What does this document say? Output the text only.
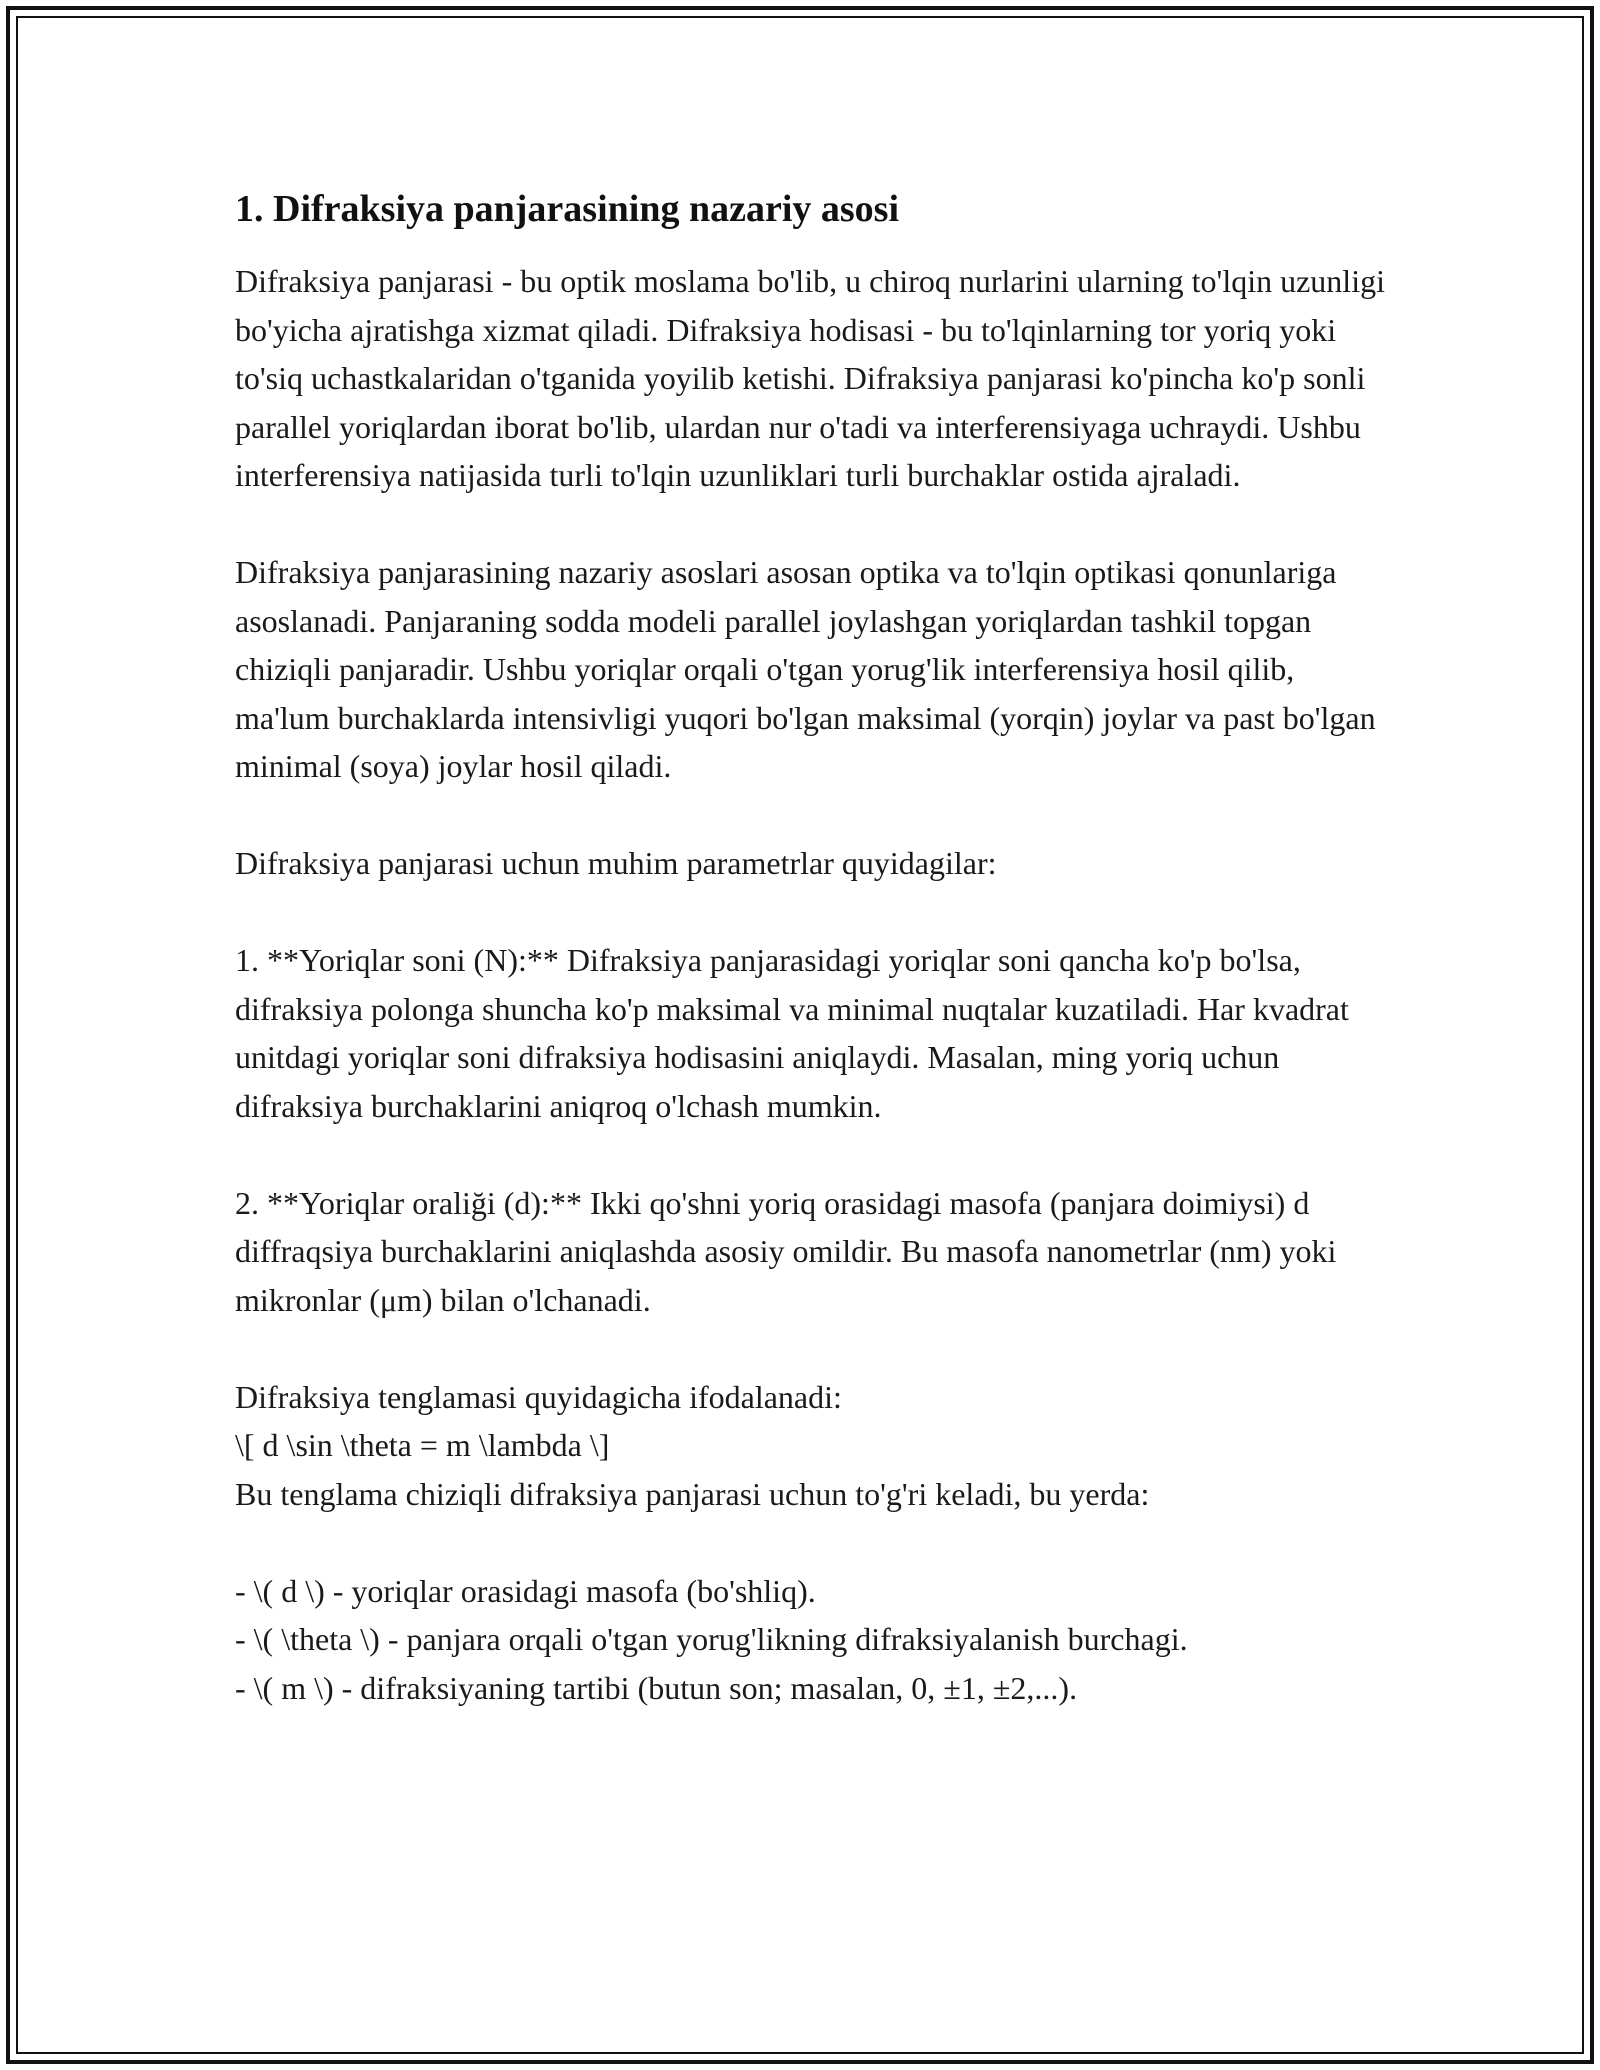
1. Difraksiya panjarasining nazariy asosi

Difraksiya panjarasi - bu optik moslama bo'lib, u chiroq nurlarini ularning to'lqin uzunligi bo'yicha ajratishga xizmat qiladi. Difraksiya hodisasi - bu to'lqinlarning tor yoriq yoki to'siq uchastkalaridan o'tganida yoyilib ketishi. Difraksiya panjarasi ko'pincha ko'p sonli parallel yoriqlardan iborat bo'lib, ulardan nur o'tadi va interferensiyaga uchraydi. Ushbu interferensiya natijasida turli to'lqin uzunliklari turli burchaklar ostida ajraladi.

Difraksiya panjarasining nazariy asoslari asosan optika va to'lqin optikasi qonunlariga asoslanadi. Panjaraning sodda modeli parallel joylashgan yoriqlardan tashkil topgan chiziqli panjaradir. Ushbu yoriqlar orqali o'tgan yorug'lik interferensiya hosil qilib, ma'lum burchaklarda intensivligi yuqori bo'lgan maksimal (yorqin) joylar va past bo'lgan minimal (soya) joylar hosil qiladi.

Difraksiya panjarasi uchun muhim parametrlar quyidagilar:

1. **Yoriqlar soni (N):** Difraksiya panjarasidagi yoriqlar soni qancha ko'p bo'lsa, difraksiya polonga shuncha ko'p maksimal va minimal nuqtalar kuzatiladi. Har kvadrat unitdagi yoriqlar soni difraksiya hodisasini aniqlaydi. Masalan, ming yoriq uchun difraksiya burchaklarini aniqroq o'lchash mumkin.

2. **Yoriqlar oraliği (d):** Ikki qo'shni yoriq orasidagi masofa (panjara doimiysi) d diffraqsiya burchaklarini aniqlashda asosiy omildir. Bu masofa nanometrlar (nm) yoki mikronlar (μm) bilan o'lchanadi.

Difraksiya tenglamasi quyidagicha ifodalanadi:
\[ d \sin \theta = m \lambda \]
Bu tenglama chiziqli difraksiya panjarasi uchun to'g'ri keladi, bu yerda:
- \( d \) - yoriqlar orasidagi masofa (bo'shliq).
- \( \theta \) - panjara orqali o'tgan yorug'likning difraksiyalanish burchagi.
- \( m \) - difraksiyaning tartibi (butun son; masalan, 0, ±1, ±2,...).
